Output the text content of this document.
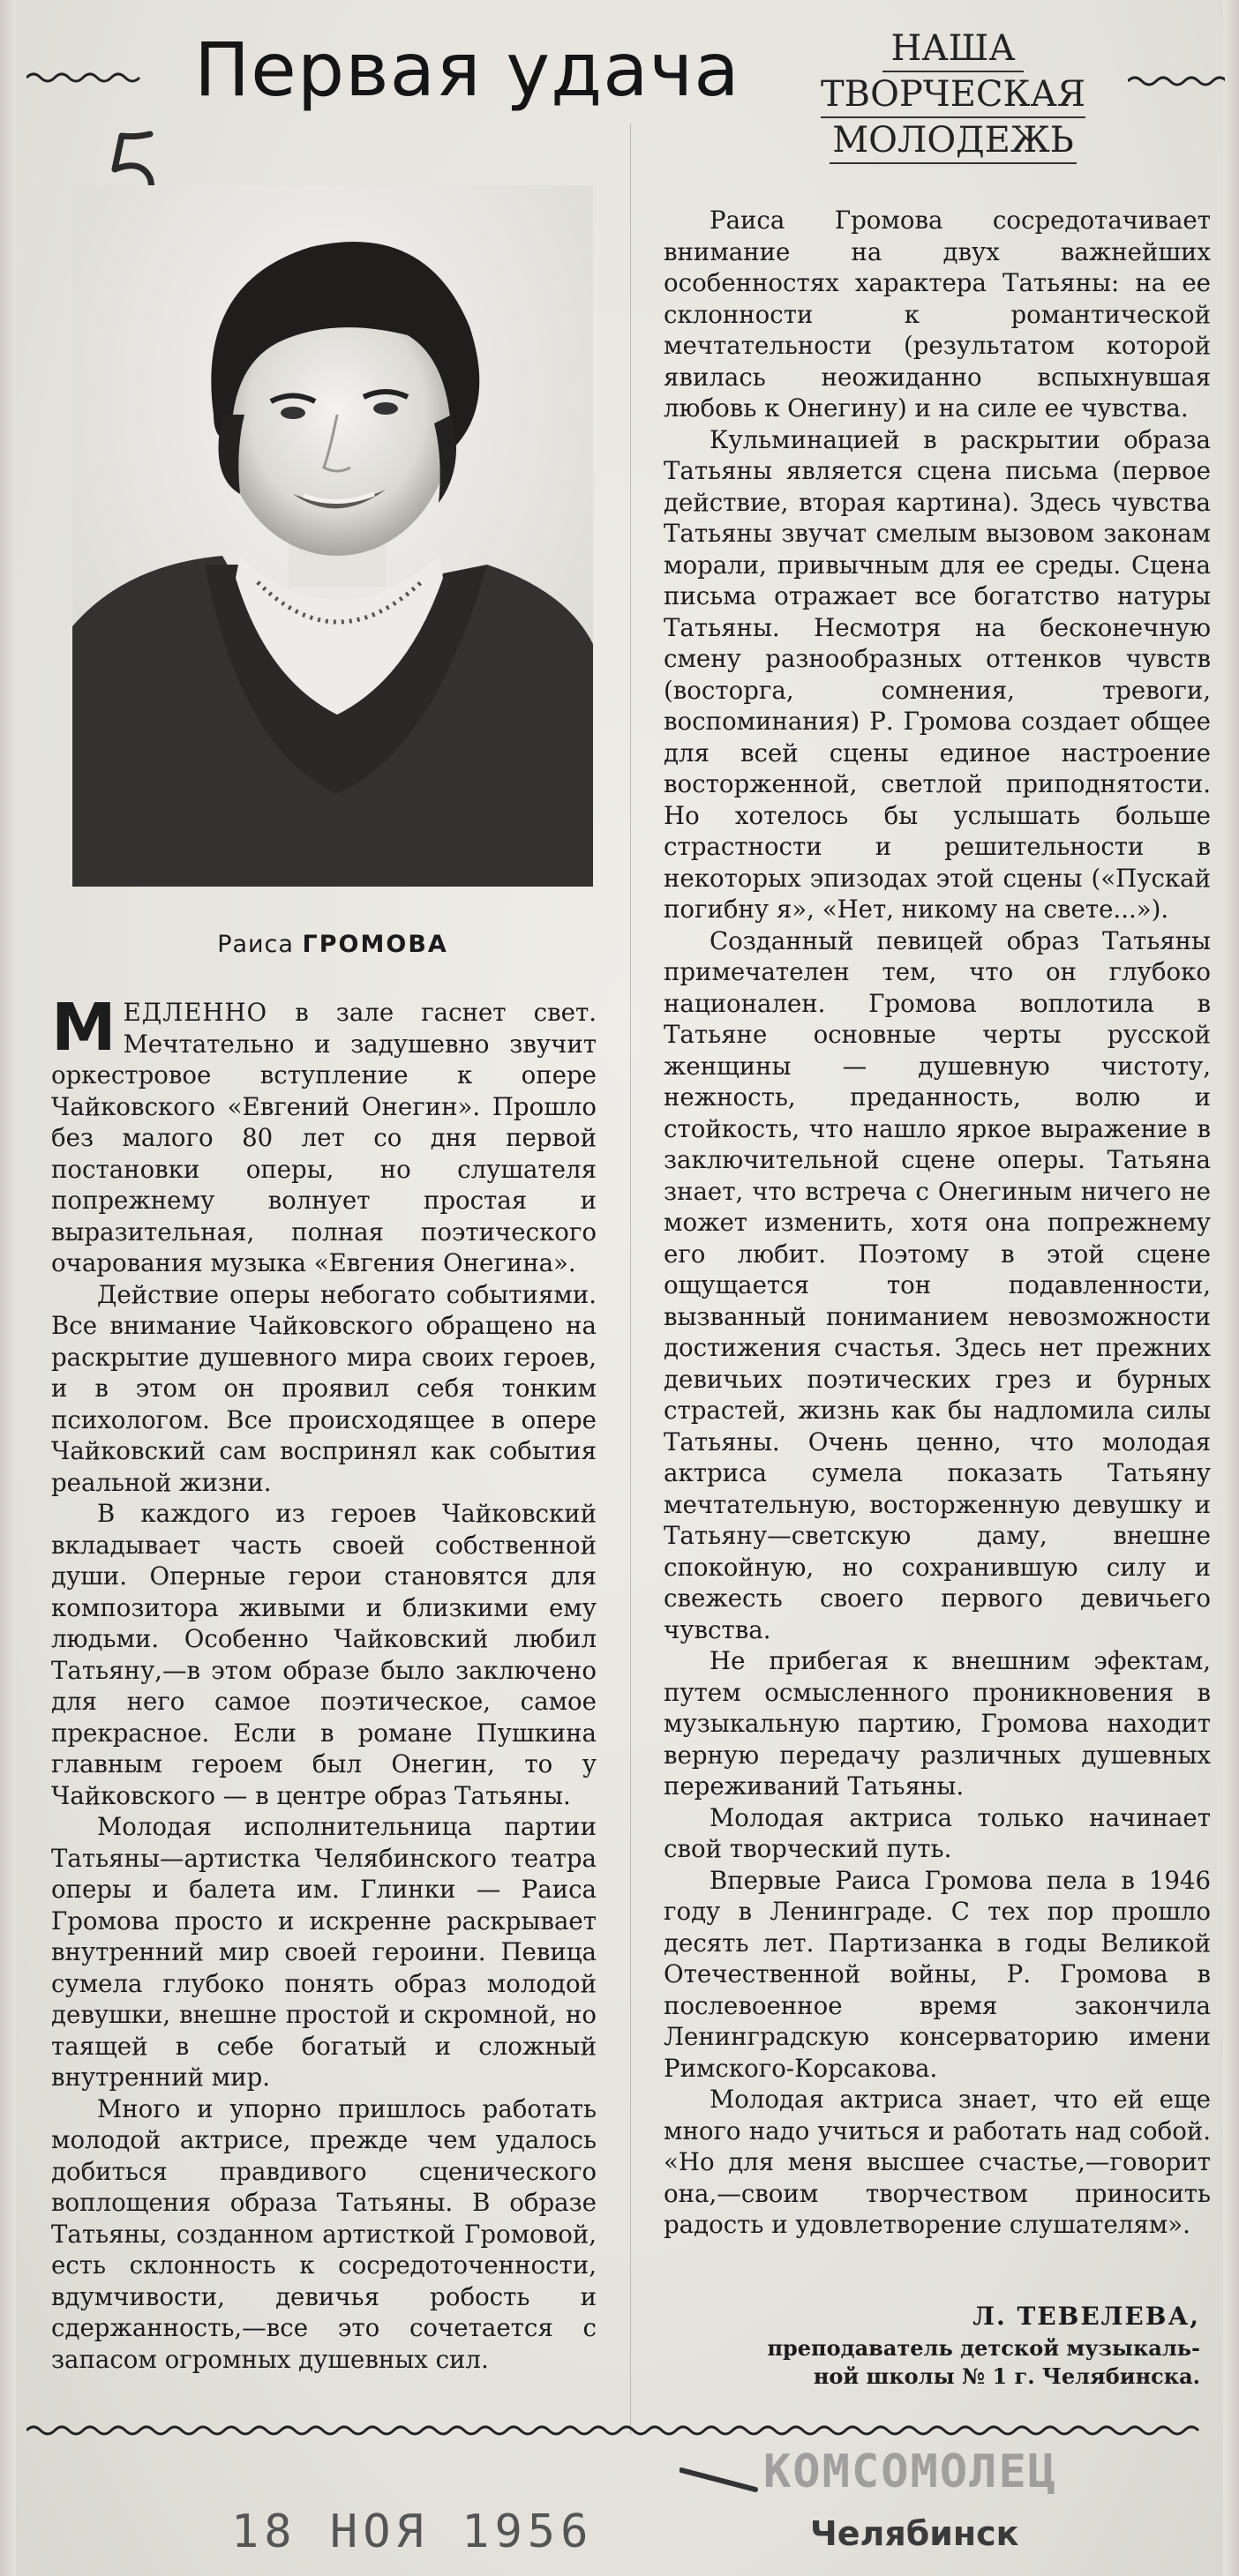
Первая удача	НАША
ТВОРЧЕСКАЯ
МОЛОДЕЖЬ
Раиса ГРОМОВА

МЕДЛЕННО в зале гаснет свет. Мечтательно и задушевно звучит оркестровое вступление к опере Чайковского «Евгений Онегин». Прошло без малого 80 лет со дня первой постановки оперы, но слушателя попрежнему волнует простая и выразительная, полная поэтического очарования музыка «Евгения Онегина».

Действие оперы небогато событиями. Все внимание Чайковского обращено на раскрытие душевного мира своих героев, и в этом он проявил себя тонким психологом. Все происходящее в опере Чайковский сам воспринял как события реальной жизни.

В каждого из героев Чайковский вкладывает часть своей собственной души. Оперные герои становятся для композитора живыми и близкими ему людьми. Особенно Чайковский любил Татьяну,—в этом образе было заключено для него самое поэтическое, самое прекрасное. Если в романе Пушкина главным героем был Онегин, то у Чайковского — в центре образ Татьяны.

Молодая исполнительница партии Татьяны—артистка Челябинского театра оперы и балета им. Глинки — Раиса Громова просто и искренне раскрывает внутренний мир своей героини. Певица сумела глубоко понять образ молодой девушки, внешне простой и скромной, но таящей в себе богатый и сложный внутренний мир.

Много и упорно пришлось работать молодой актрисе, прежде чем удалось добиться правдивого сценического воплощения образа Татьяны. В образе Татьяны, созданном артисткой Громовой, есть склонность к сосредоточенности, вдумчивости, девичья робость и сдержанность,—все это сочетается с запасом огромных душевных сил.

Раиса Громова сосредотачивает внимание на двух важнейших особенностях характера Татьяны: на ее склонности к романтической мечтательности (результатом которой явилась неожиданно вспыхнувшая любовь к Онегину) и на силе ее чувства.

Кульминацией в раскрытии образа Татьяны является сцена письма (первое действие, вторая картина). Здесь чувства Татьяны звучат смелым вызовом законам морали, привычным для ее среды. Сцена письма отражает все богатство натуры Татьяны. Несмотря на бесконечную смену разнообразных оттенков чувств (восторга, сомнения, тревоги, воспоминания) Р. Громова создает общее для всей сцены единое настроение восторженной, светлой приподнятости. Но хотелось бы услышать больше страстности и решительности в некоторых эпизодах этой сцены («Пускай погибну я», «Нет, никому на свете...»).

Созданный певицей образ Татьяны примечателен тем, что он глубоко национален. Громова воплотила в Татьяне основные черты русской женщины — душевную чистоту, нежность, преданность, волю и стойкость, что нашло яркое выражение в заключительной сцене оперы. Татьяна знает, что встреча с Онегиным ничего не может изменить, хотя она попрежнему его любит. Поэтому в этой сцене ощущается тон подавленности, вызванный пониманием невозможности достижения счастья. Здесь нет прежних девичьих поэтических грез и бурных страстей, жизнь как бы надломила силы Татьяны. Очень ценно, что молодая актриса сумела показать Татьяну мечтательную, восторженную девушку и Татьяну—светскую даму, внешне спокойную, но сохранившую силу и свежесть своего первого девичьего чувства.

Не прибегая к внешним эфектам, путем осмысленного проникновения в музыкальную партию, Громова находит верную передачу различных душевных переживаний Татьяны.

Молодая актриса только начинает свой творческий путь.

Впервые Раиса Громова пела в 1946 году в Ленинграде. С тех пор прошло десять лет. Партизанка в годы Великой Отечественной войны, Р. Громова в послевоенное время закончила Ленинградскую консерваторию имени Римского-Корсакова.

Молодая актриса знает, что ей еще много надо учиться и работать над собой. «Но для меня высшее счастье,—говорит она,—своим творчеством приносить радость и удовлетворение слушателям».

Л. ТЕВЕЛЕВА,
преподаватель детской музыкаль-
ной школы № 1 г. Челябинска.
КОМСОМОЛЕЦ
18 НОЯ 1956	Челябинск
